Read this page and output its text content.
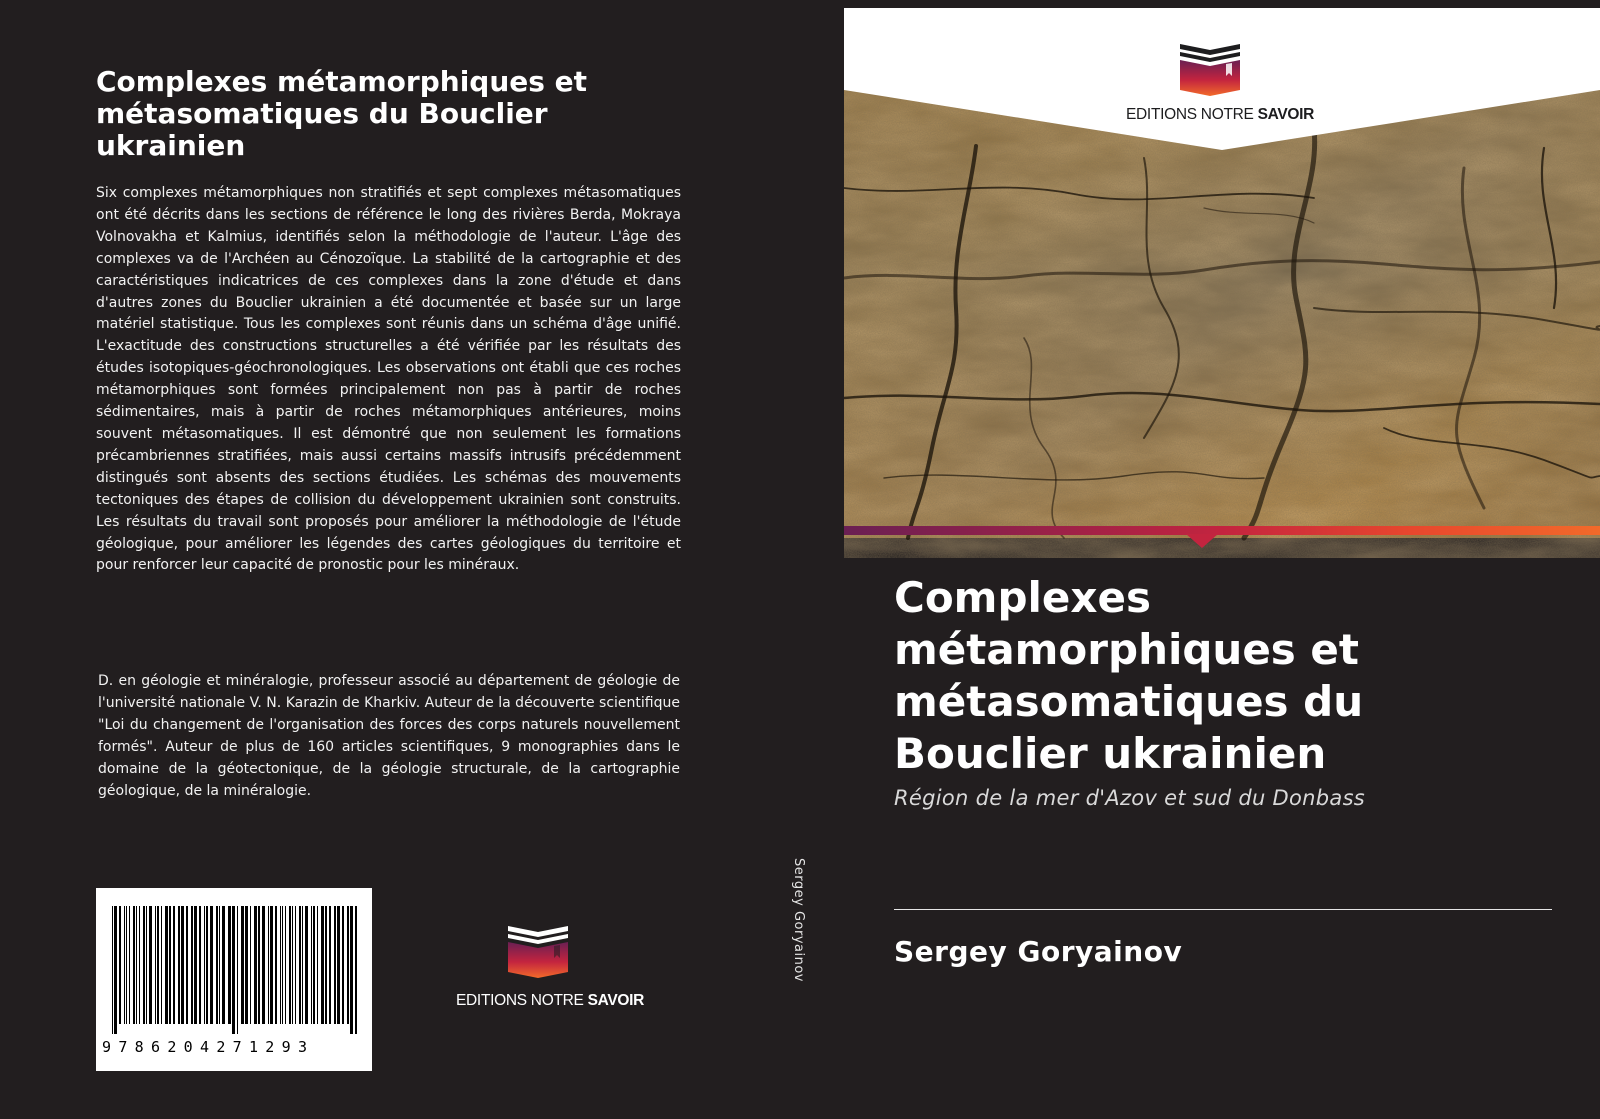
Complexes métamorphiques et métasomatiques du Bouclier ukrainien

Six complexes métamorphiques non stratifiés et sept complexes métasomatiques ont été décrits dans les sections de référence le long des rivières Berda, Mokraya Volnovakha et Kalmius, identifiés selon la méthodologie de l'auteur. L'âge des complexes va de l'Archéen au Cénozoïque. La stabilité de la cartographie et des caractéristiques indicatrices de ces complexes dans la zone d'étude et dans d'autres zones du Bouclier ukrainien a été documentée et basée sur un large matériel statistique. Tous les complexes sont réunis dans un schéma d'âge unifié. L'exactitude des constructions structurelles a été vérifiée par les résultats des études isotopiques-géochronologiques. Les observations ont établi que ces roches métamorphiques sont formées principalement non pas à partir de roches sédimentaires, mais à partir de roches métamorphiques antérieures, moins souvent métasomatiques. Il est démontré que non seulement les formations précambriennes stratifiées, mais aussi certains massifs intrusifs précédemment distingués sont absents des sections étudiées. Les schémas des mouvements tectoniques des étapes de collision du développement ukrainien sont construits. Les résultats du travail sont proposés pour améliorer la méthodologie de l'étude géologique, pour améliorer les légendes des cartes géologiques du territoire et pour renforcer leur capacité de pronostic pour les minéraux.

D. en géologie et minéralogie, professeur associé au département de géologie de l'université nationale V. N. Karazin de Kharkiv. Auteur de la découverte scientifique "Loi du changement de l'organisation des forces des corps naturels nouvellement formés". Auteur de plus de 160 articles scientifiques, 9 monographies dans le domaine de la géotectonique, de la géologie structurale, de la cartographie géologique, de la minéralogie.

9786204271293
EDITIONS NOTRE SAVOIR
Sergey Goryainov
EDITIONS NOTRE SAVOIR
Complexes métamorphiques et métasomatiques du Bouclier ukrainien
Région de la mer d'Azov et sud du Donbass
Sergey Goryainov
